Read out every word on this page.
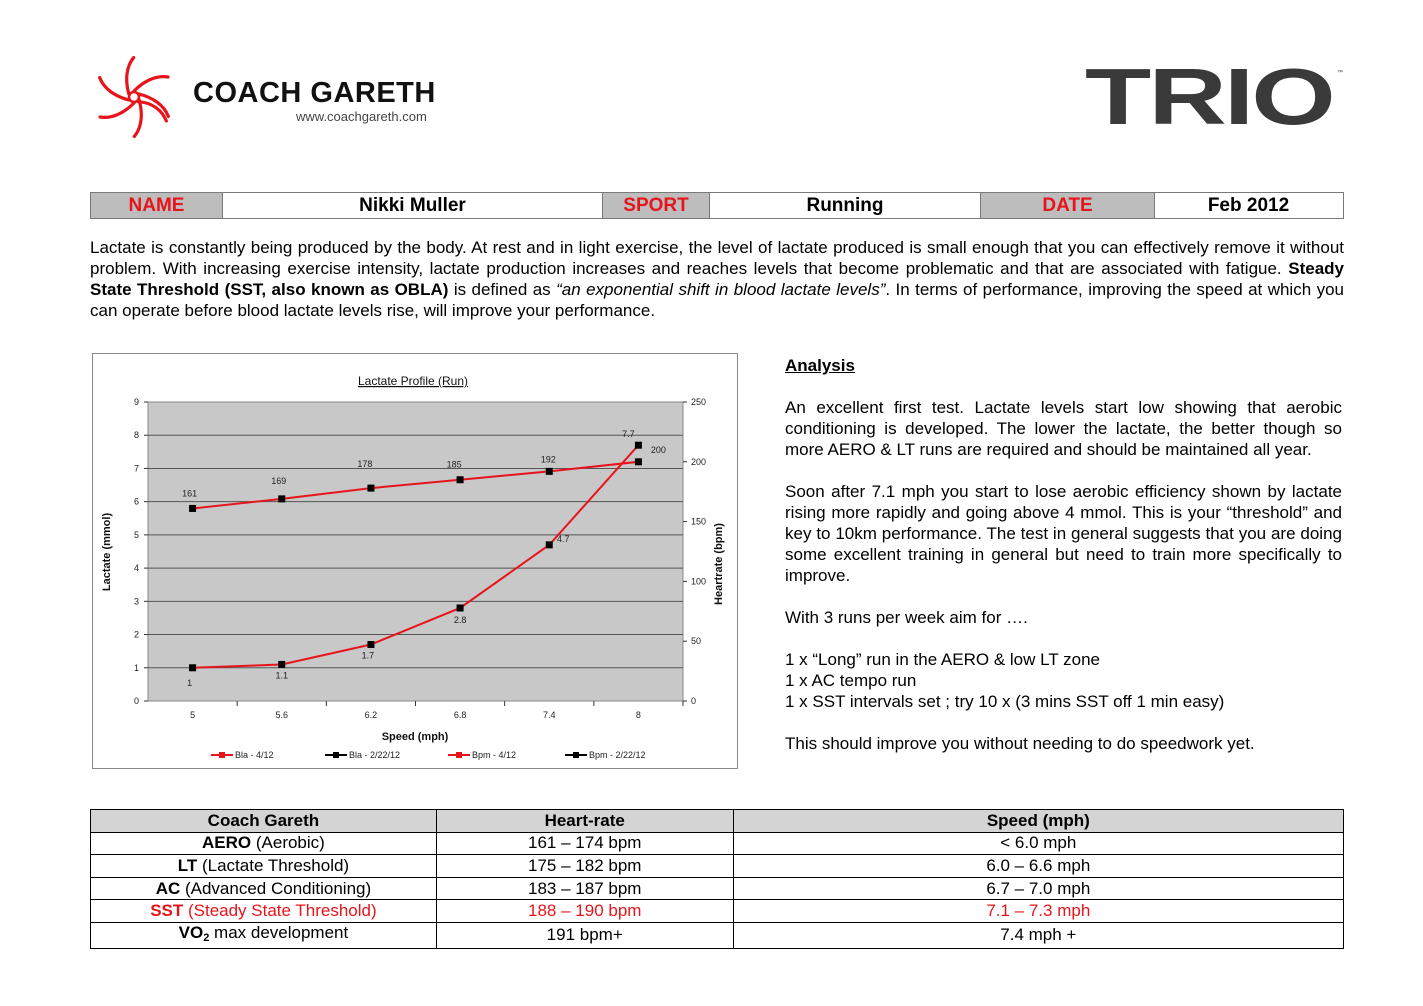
COACH GARETH
www.coachgareth.com	TRIO ™
NAME	Nikki Muller	SPORT	Running	DATE	Feb 2012
Lactate is constantly being produced by the body. At rest and in light exercise, the level of lactate produced is small enough that you can effectively remove it without problem. With increasing exercise intensity, lactate production increases and reaches levels that become problematic and that are associated with fatigue. Steady State Threshold (SST, also known as OBLA) is defined as “an exponential shift in blood lactate levels”. In terms of performance, improving the speed at which you can operate before blood lactate levels rise, will improve your performance.
0
1
2
3
4
5
6
7
8
9
0
50
100
150
200
250
5	5.6	6.2	6.8	7.4	8
Lactate Profile (Run)
Speed (mph)
Lactate (mmol)	Heartrate (bpm)
1
1.1
1.7
2.8
4.7
7.7
161
169
178	185
192
200
Bla - 4/12	Bla - 2/22/12	Bpm - 4/12	Bpm - 2/22/12
Analysis

An excellent first test. Lactate levels start low showing that aerobic conditioning is developed. The lower the lactate, the better though so more AERO & LT runs are required and should be maintained all year.

Soon after 7.1 mph you start to lose aerobic efficiency shown by lactate rising more rapidly and going above 4 mmol. This is your “threshold” and key to 10km performance. The test in general suggests that you are doing some excellent training in general but need to train more specifically to improve.

With 3 runs per week aim for ….

1 x “Long” run in the AERO & low LT zone
1 x AC tempo run
1 x SST intervals set ; try 10 x (3 mins SST off 1 min easy)

This should improve you without needing to do speedwork yet.

Coach Gareth	Heart-rate	Speed (mph)
AERO (Aerobic)	161 – 174 bpm	< 6.0 mph
LT (Lactate Threshold)	175 – 182 bpm	6.0 – 6.6 mph
AC (Advanced Conditioning)	183 – 187 bpm	6.7 – 7.0 mph
SST (Steady State Threshold)	188 – 190 bpm	7.1 – 7.3 mph
$VO_2$ max development	191 bpm+	7.4 mph +
